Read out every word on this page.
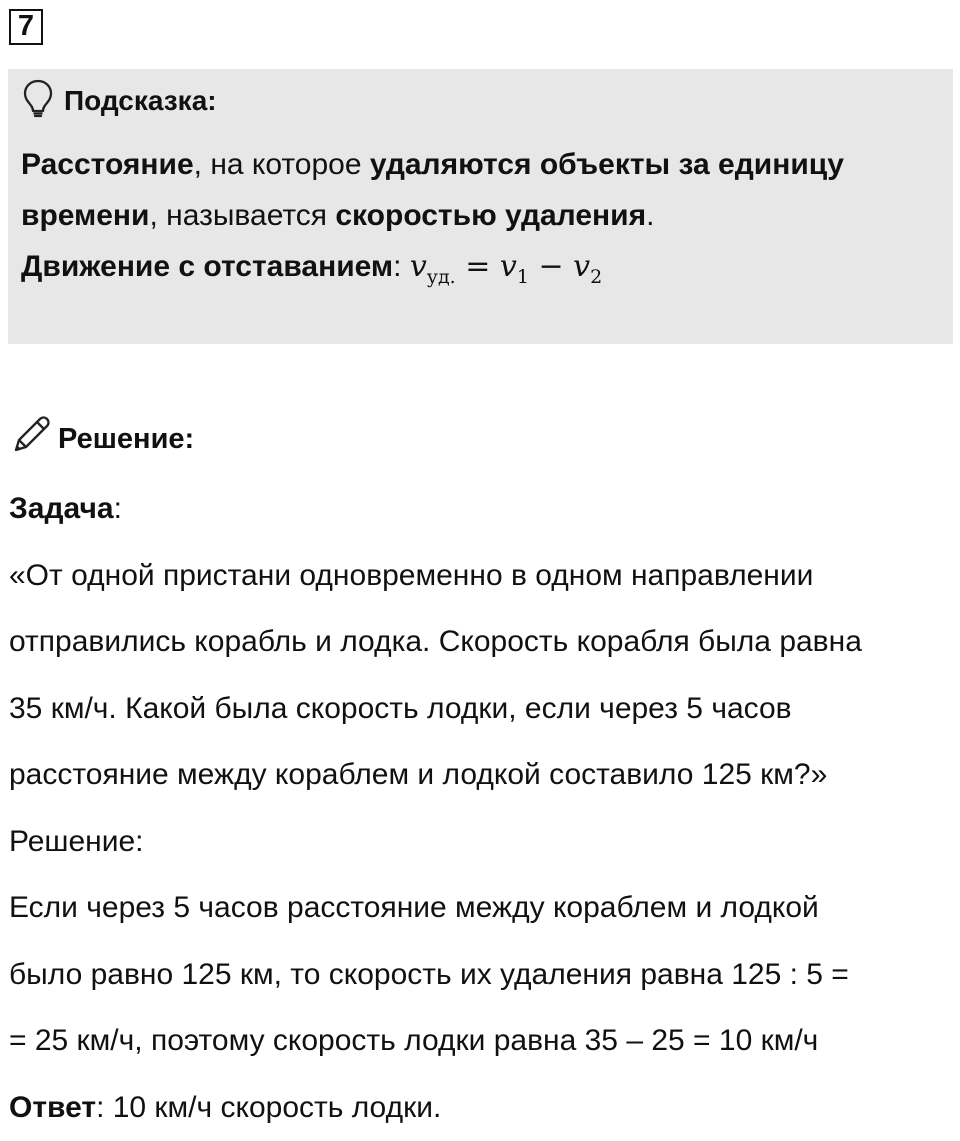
7
Подсказка:

Расстояние, на которое удаляются объекты за единицу времени, называется скоростью удаления.

Движение с отставанием: $v_{уд.} = v_1 - v_2$

Решение:

Задача:

«От одной пристани одновременно в одном направлении

отправились корабль и лодка. Скорость корабля была равна

35 км/ч. Какой была скорость лодки, если через 5 часов

расстояние между кораблем и лодкой составило 125 км?»

Решение:

Если через 5 часов расстояние между кораблем и лодкой

было равно 125 км, то скорость их удаления равна 125 : 5 =

= 25 км/ч, поэтому скорость лодки равна 35 – 25 = 10 км/ч

Ответ: 10 км/ч скорость лодки.
